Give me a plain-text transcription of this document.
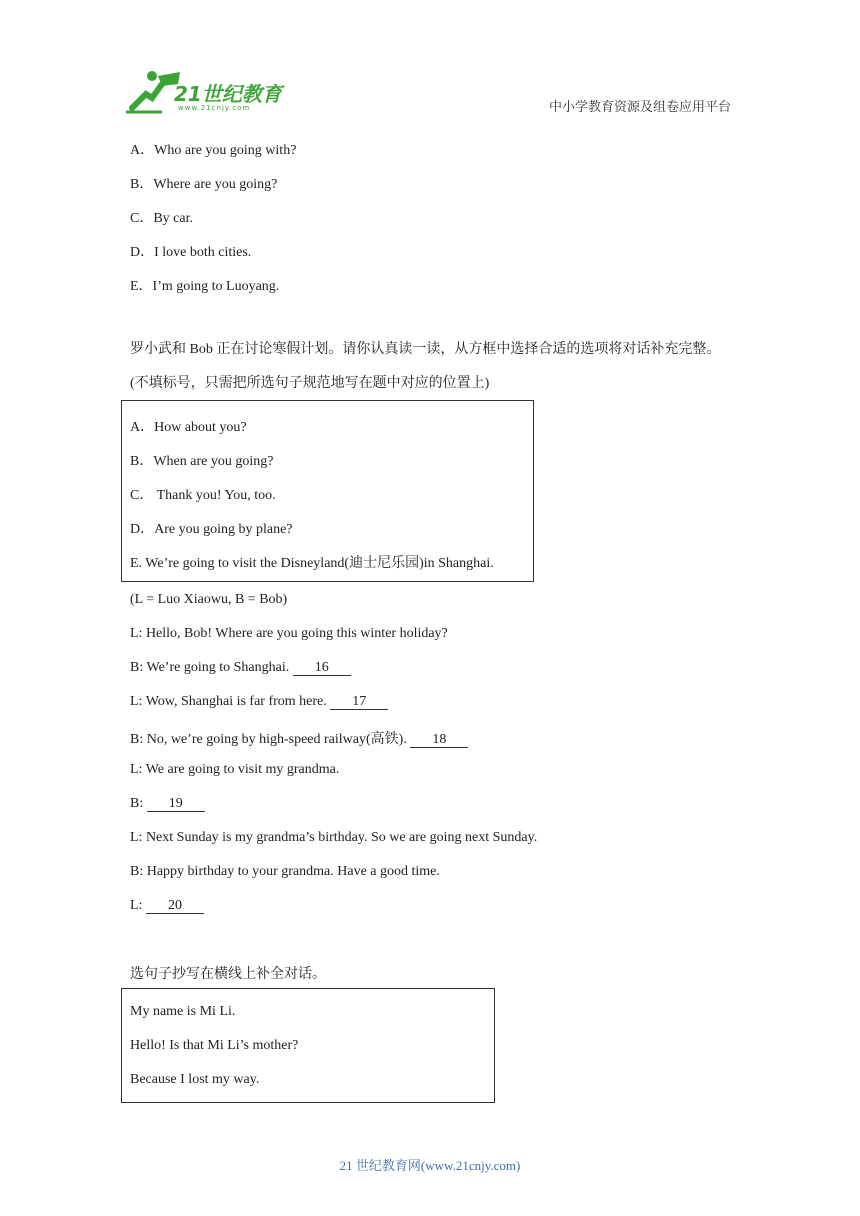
21世纪教育
www.21cnjy.com	中小学教育资源及组卷应用平台
A．Who are you going with?
B．Where are you going?
C．By car.
D．I love both cities.
E．I’m going to Luoyang.
罗小武和 Bob 正在讨论寒假计划。请你认真读一读，从方框中选择合适的选项将对话补充完整。(不填标号，只需把所选句子规范地写在题中对应的位置上)
A．How about you?
B．When are you going?
C． Thank you! You, too.
D．Are you going by plane?
E. We’re going to visit the Disneyland(迪士尼乐园)in Shanghai.
(L = Luo Xiaowu, B = Bob)
L: Hello, Bob! Where are you going this winter holiday?
B: We’re going to Shanghai. 16
L: Wow, Shanghai is far from here. 17
B: No, we’re going by high-speed railway(高铁). 18
L: We are going to visit my grandma.
B: 19
L: Next Sunday is my grandma’s birthday. So we are going next Sunday.
B: Happy birthday to your grandma. Have a good time.
L: 20
选句子抄写在横线上补全对话。
My name is Mi Li.
Hello! Is that Mi Li’s mother?
Because I lost my way.
21 世纪教育网(www.21cnjy.com)
